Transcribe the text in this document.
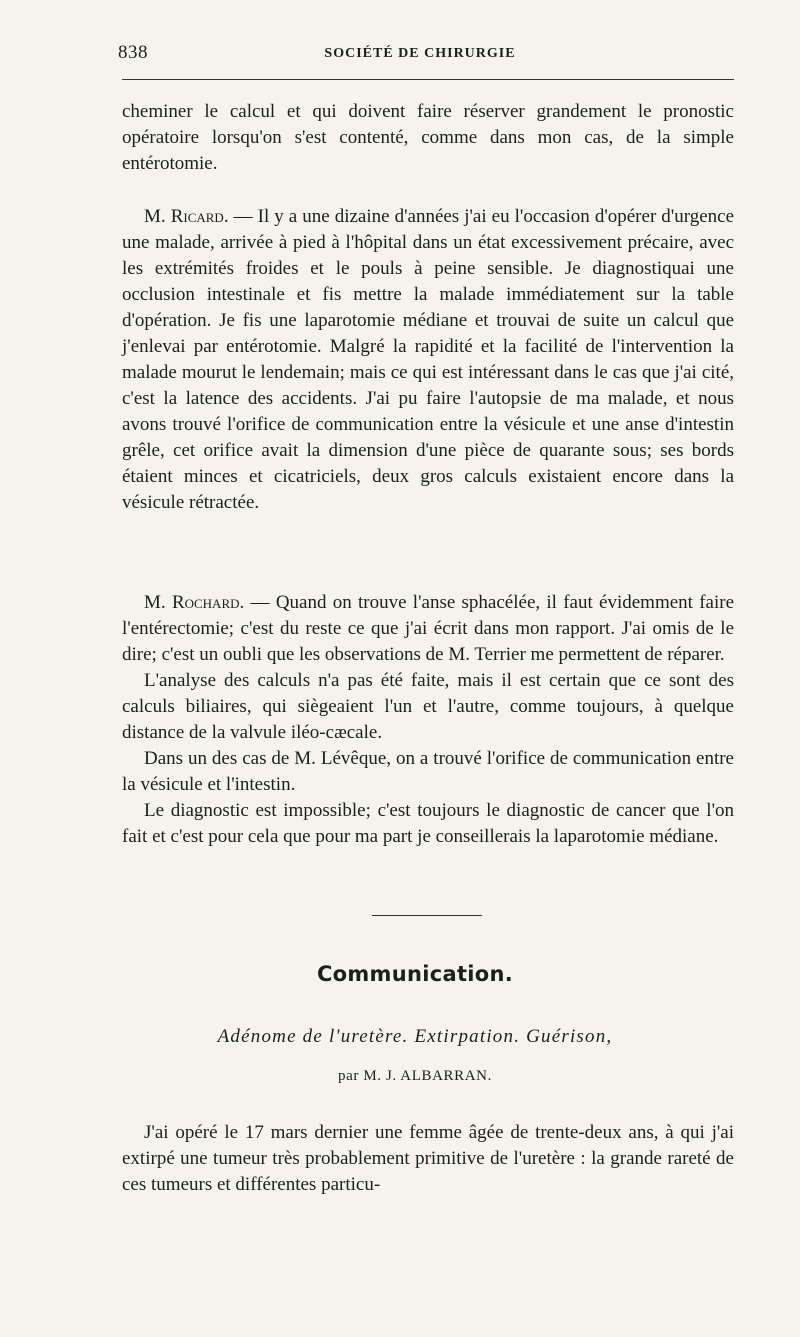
838	SOCIÉTÉ DE CHIRURGIE

cheminer le calcul et qui doivent faire réserver grandement le pronostic opératoire lorsqu'on s'est contenté, comme dans mon cas, de la simple entérotomie.

M. Ricard. — Il y a une dizaine d'années j'ai eu l'occasion d'opérer d'urgence une malade, arrivée à pied à l'hôpital dans un état excessivement précaire, avec les extrémités froides et le pouls à peine sensible. Je diagnostiquai une occlusion intestinale et fis mettre la malade immédiatement sur la table d'opération. Je fis une laparotomie médiane et trouvai de suite un calcul que j'enlevai par entérotomie. Malgré la rapidité et la facilité de l'intervention la malade mourut le lendemain; mais ce qui est intéressant dans le cas que j'ai cité, c'est la latence des accidents. J'ai pu faire l'autopsie de ma malade, et nous avons trouvé l'orifice de communication entre la vésicule et une anse d'intestin grêle, cet orifice avait la dimension d'une pièce de quarante sous; ses bords étaient minces et cicatriciels, deux gros calculs existaient encore dans la vésicule rétractée.

M. Rochard. — Quand on trouve l'anse sphacélée, il faut évidemment faire l'entérectomie; c'est du reste ce que j'ai écrit dans mon rapport. J'ai omis de le dire; c'est un oubli que les observations de M. Terrier me permettent de réparer.

L'analyse des calculs n'a pas été faite, mais il est certain que ce sont des calculs biliaires, qui siègeaient l'un et l'autre, comme toujours, à quelque distance de la valvule iléo-cæcale.

Dans un des cas de M. Lévêque, on a trouvé l'orifice de communication entre la vésicule et l'intestin.

Le diagnostic est impossible; c'est toujours le diagnostic de cancer que l'on fait et c'est pour cela que pour ma part je conseillerais la laparotomie médiane.

Communication.
Adénome de l'uretère. Extirpation. Guérison,
par M. J. ALBARRAN.

J'ai opéré le 17 mars dernier une femme âgée de trente-deux ans, à qui j'ai extirpé une tumeur très probablement primitive de l'uretère : la grande rareté de ces tumeurs et différentes particu-
